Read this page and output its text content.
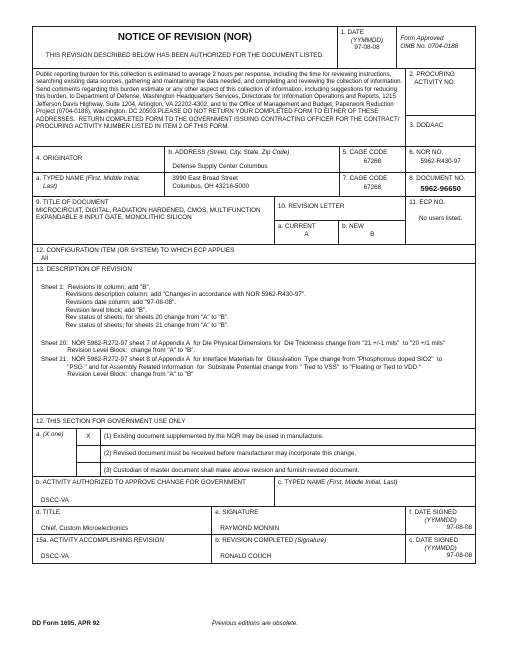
NOTICE OF REVISION (NOR)
THIS REVISION DESCRIBED BELOW HAS BEEN AUTHORIZED FOR THE DOCUMENT LISTED.
1. DATE
(YYMMDD)
97-08-08
Form Approved
OMB No. 0704-0188
Public reporting burden for this collection is estimated to average 2 hours per response, including the time for reviewing instructions, searching existing data sources, gathering and maintaining the data needed, and completing and reviewing the collection of information.  Send comments regarding this burden estimate or any other aspect of this collection of information, including suggestions for reducing this burden, to Department of Defense, Washington Headquarters Services, Directorate for Information Operations and Reports, 1215 Jefferson Davis Highway, Suite 1204, Arlington, VA 22202-4302, and to the Office of Management and Budget, Paperwork Reduction Project (0704-0188), Washington, DC 20503.PLEASE DO NOT RETURN YOUR COMPLETED FORM TO EITHER OF THESE ADDRESSES.  RETURN COMPLETED FORM TO THE GOVERNMENT ISSUING CONTRACTING OFFICER FOR THE CONTRACT/ PROCURING ACTIVITY NUMBER LISTED IN ITEM 2 OF THIS FORM.
2. PROCURING
ACTIVITY NO.
3. DODAAC
4. ORIGINATOR
b. ADDRESS (Street, City, State, Zip Code)
Defense Supply Center Columbus
5. CAGE CODE
67268
6. NOR NO.
5962-R430-97
a. TYPED NAME (First, Middle Initial,
Last)
3990 East Broad Street
Columbus, OH 43216-5000
7. CAGE CODE
67268
8. DOCUMENT NO.
5962-96650
9. TITLE OF DOCUMENT
MICROCIRCUIT, DIGITAL, RADIATION HARDENED, CMOS, MULTIFUNCTION
EXPANDABLE 8 INPUT GATE, MONOLITHIC SILICON
10. REVISION LETTER
a. CURRENT
A
b. NEW
B
11. ECP NO.
No users listed.
12. CONFIGURATION ITEM (OR SYSTEM) TO WHICH ECP APPLIES
All
13. DESCRIPTION OF REVISION
Sheet 1:  Revisions ltr column; add "B".
Revisions description column; add "Changes in accordance with NOR 5962-R430-97".
Revisions date column; add "97-08-08".
Revision level block; add "B".
Rev status of sheets; for sheets 20 change from "A" to "B".
Rev status of sheets; for sheets 21 change from "A" to "B".
Sheet 20:  NOR 5962-R272-97 sheet 7 of Appendix A  for Die Physical Dimensions for  Die Thickness change from "21 +/-1 mils"  to "20 +/1 mils"
Revision Level Block:  change from "A" to "B".
Sheet 21:  NOR 5962-R272-97 sheet 8 of Appendix A  for Interface Materials for  Glassivation  Type change from "Phosphorous doped SIO2"  to
"PSG " and for Assembly Related Information  for  Substrate Potential change from " Tied to VSS"  to "Floating or Tied to VDD "
Revision Level Block:  change from "A" to "B"
12. THIS SECTION FOR GOVERNMENT USE ONLY
a. (X one)	X	(1) Existing document supplemented by the NOR may be used in manufacture.
(2) Revised document must be received before manufacturer may incorporate this change.
(3) Custodian of master document shall make above revision and furnish revised document.
b. ACTIVITY AUTHORIZED TO APPROVE CHANGE FOR GOVERNMENT
DSCC-VA
c. TYPED NAME (First, Middle Initial, Last)
d. TITLE
Chief, Custom Microelectronics
e. SIGNATURE
RAYMOND MONNIN
f. DATE SIGNED
(YYMMDD)
97-08-08
15a. ACTIVITY ACCOMPLISHING REVISION
DSCC-VA
b. REVISION COMPLETED (Signature)
RONALD COUCH
c. DATE SIGNED
(YYMMDD)
97-08-08
DD Form 1695, APR 92	Previous editions are obsolete.
